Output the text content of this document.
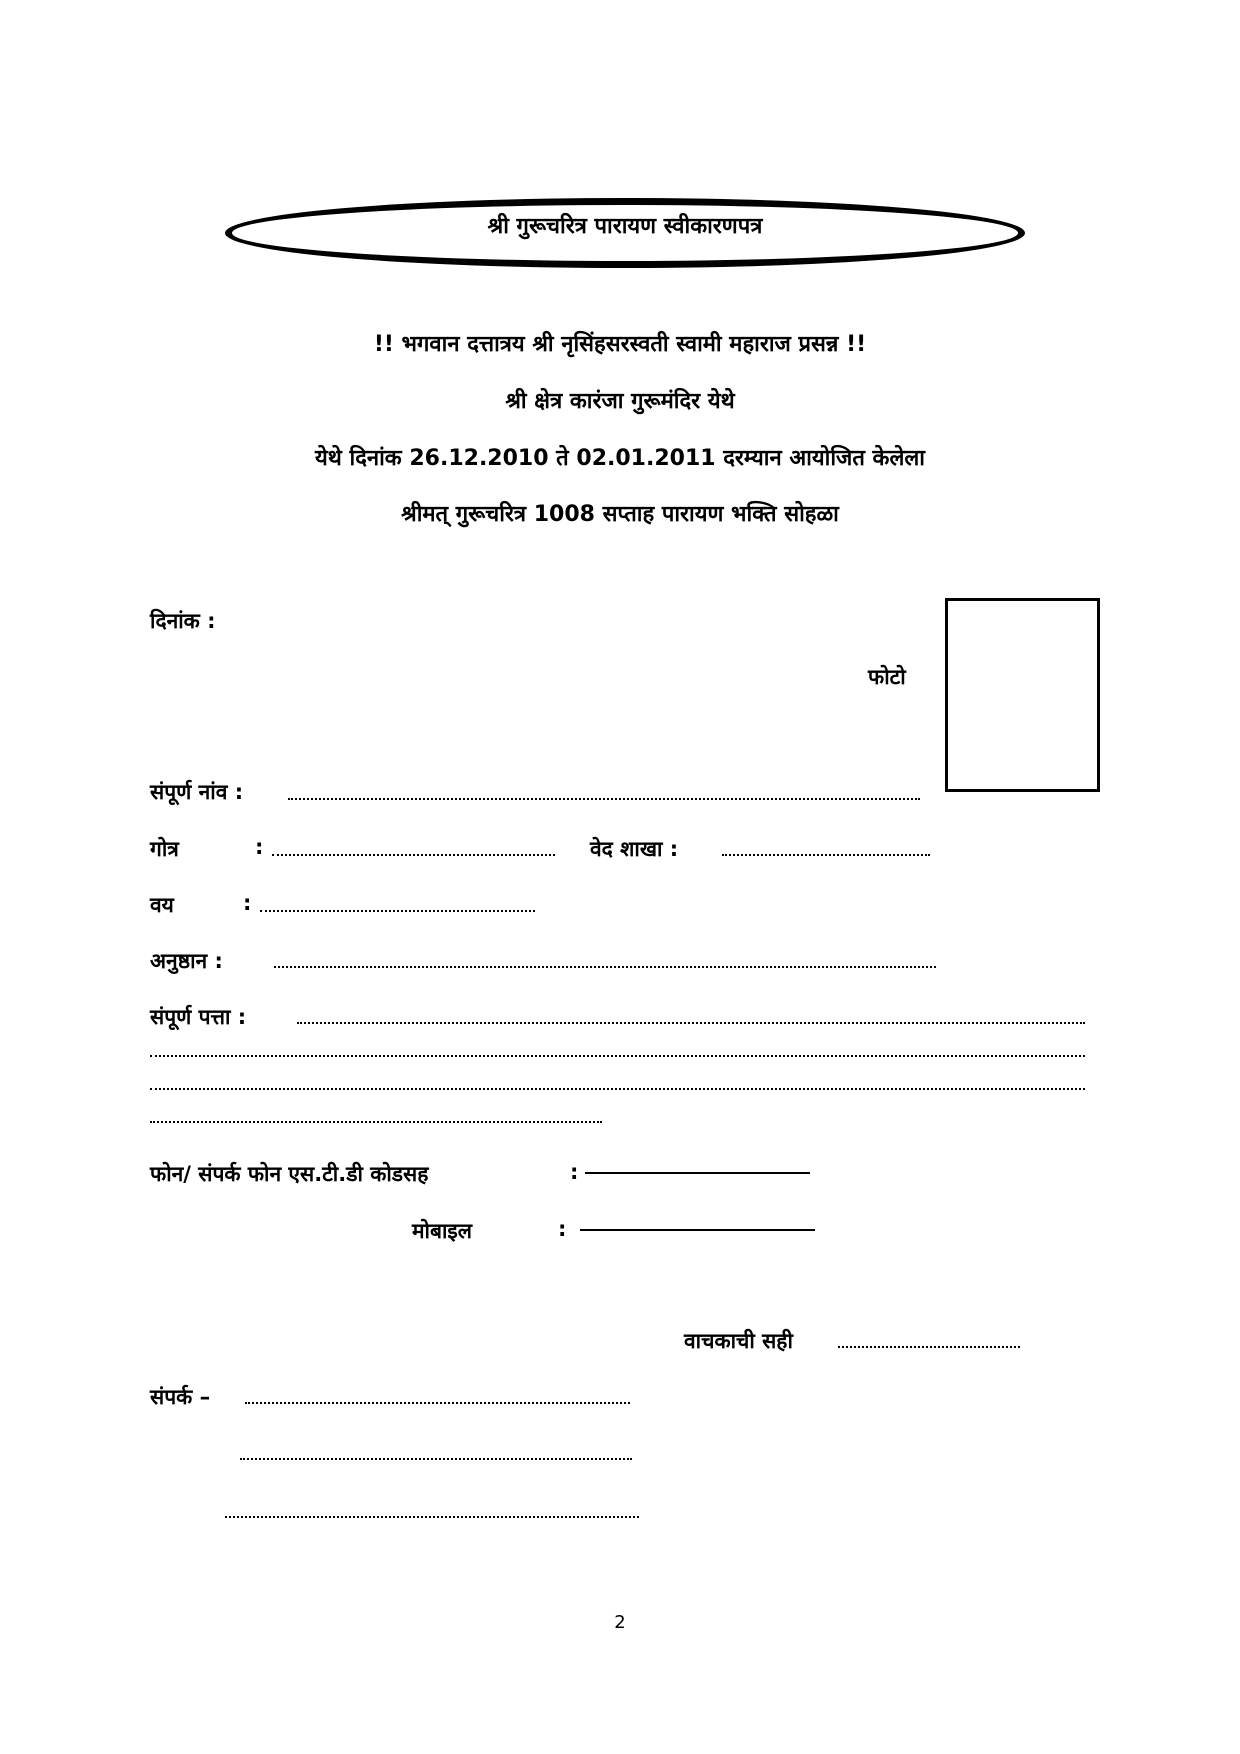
श्री गुरूचरित्र पारायण स्वीकारणपत्र
!! भगवान दत्तात्रय श्री नृसिंहसरस्वती स्वामी महाराज प्रसन्न !!
श्री क्षेत्र कारंजा गुरूमंदिर येथे
येथे दिनांक 26.12.2010 ते 02.01.2011 दरम्यान आयोजित केलेला
श्रीमत् गुरूचरित्र 1008 सप्ताह पारायण भक्ति सोहळा
दिनांक :
फोटो
संपूर्ण नांव :
गोत्र	:	वेद शाखा :
वय	:
अनुष्ठान :
संपूर्ण पत्ता :
फोन/ संपर्क फोन एस.टी.डी कोडसह	:
मोबाइल	:
वाचकाची सही
संपर्क –
2
